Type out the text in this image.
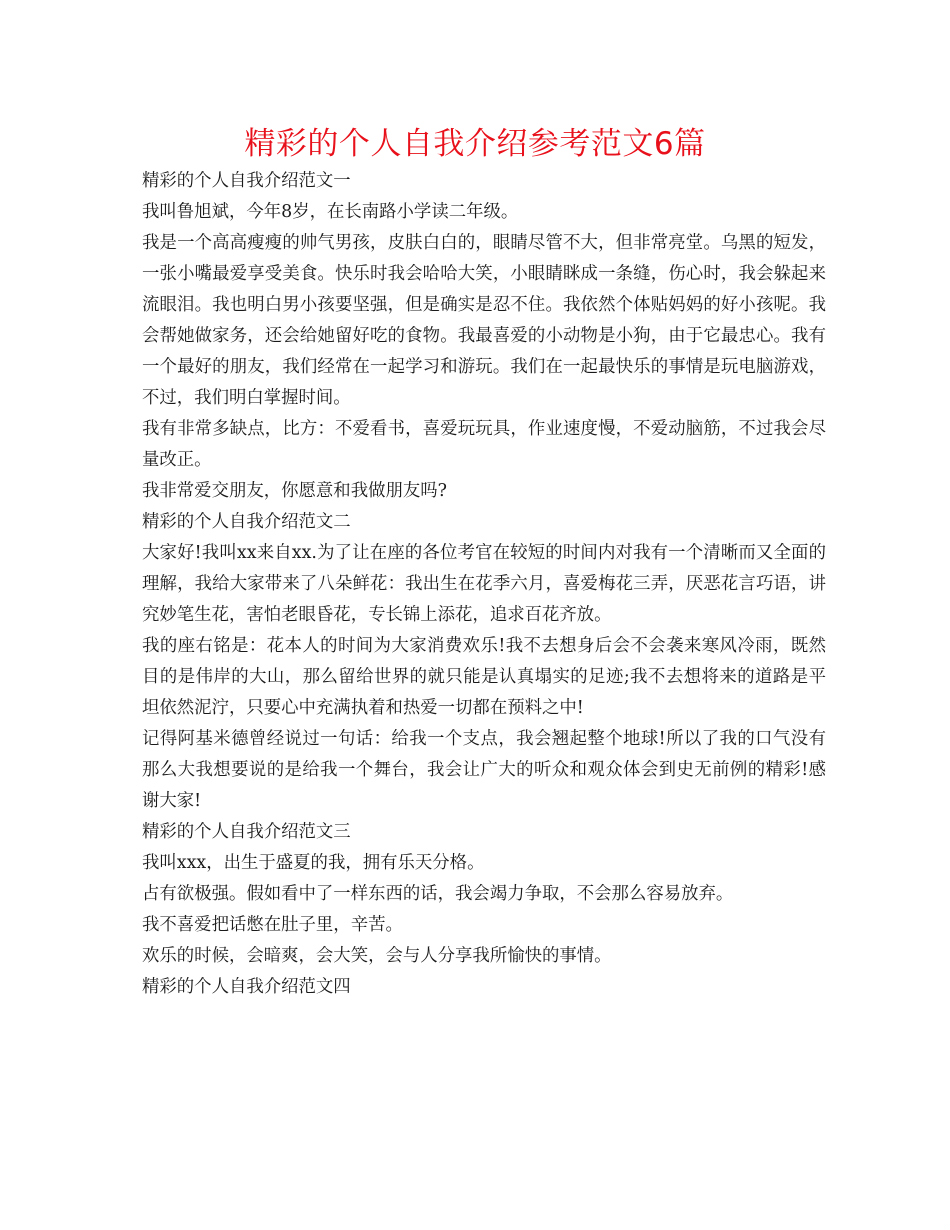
精彩的个人自我介绍参考范文6篇

精彩的个人自我介绍范文一

我叫鲁旭斌，今年8岁，在长南路小学读二年级。

我是一个高高瘦瘦的帅气男孩，皮肤白白的，眼睛尽管不大，但非常亮堂。乌黑的短发，一张小嘴最爱享受美食。快乐时我会哈哈大笑，小眼睛眯成一条缝，伤心时，我会躲起来流眼泪。我也明白男小孩要坚强，但是确实是忍不住。我依然个体贴妈妈的好小孩呢。我会帮她做家务，还会给她留好吃的食物。我最喜爱的小动物是小狗，由于它最忠心。我有一个最好的朋友，我们经常在一起学习和游玩。我们在一起最快乐的事情是玩电脑游戏，不过，我们明白掌握时间。

我有非常多缺点，比方：不爱看书，喜爱玩玩具，作业速度慢，不爱动脑筋，不过我会尽量改正。

我非常爱交朋友，你愿意和我做朋友吗?

精彩的个人自我介绍范文二

大家好!我叫xx来自xx.为了让在座的各位考官在较短的时间内对我有一个清晰而又全面的理解，我给大家带来了八朵鲜花：我出生在花季六月，喜爱梅花三弄，厌恶花言巧语，讲究妙笔生花，害怕老眼昏花，专长锦上添花，追求百花齐放。

我的座右铭是：花本人的时间为大家消费欢乐!我不去想身后会不会袭来寒风冷雨，既然目的是伟岸的大山，那么留给世界的就只能是认真塌实的足迹;我不去想将来的道路是平坦依然泥泞，只要心中充满执着和热爱一切都在预料之中!

记得阿基米德曾经说过一句话：给我一个支点，我会翘起整个地球!所以了我的口气没有那么大我想要说的是给我一个舞台，我会让广大的听众和观众体会到史无前例的精彩!感谢大家!

精彩的个人自我介绍范文三

我叫xxx，出生于盛夏的我，拥有乐天分格。

占有欲极强。假如看中了一样东西的话，我会竭力争取，不会那么容易放弃。

我不喜爱把话憋在肚子里，辛苦。

欢乐的时候，会暗爽，会大笑，会与人分享我所愉快的事情。

精彩的个人自我介绍范文四
